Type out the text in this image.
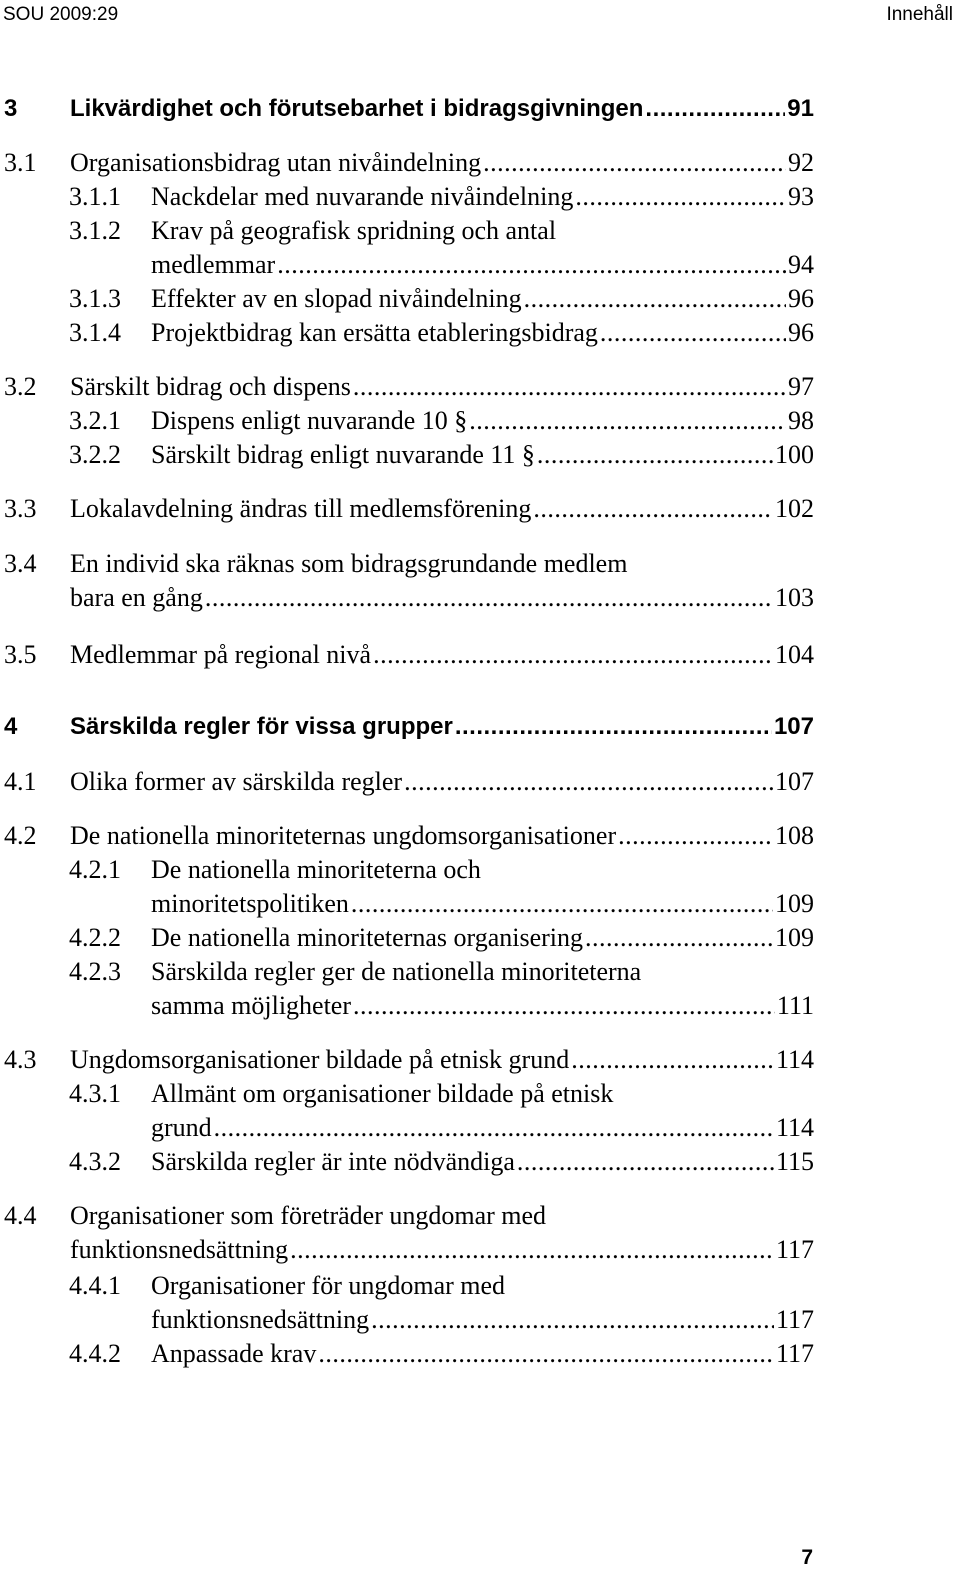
SOU 2009:29	Innehåll
3 Likvärdighet och förutsebarhet i bidragsgivningen .....	91
3.1 Organisationsbidrag utan nivåindelning .....	92
3.1.1 Nackdelar med nuvarande nivåindelning .....	93
3.1.2 Krav på geografisk spridning och antal
medlemmar .....	94
3.1.3 Effekter av en slopad nivåindelning .....	96
3.1.4 Projektbidrag kan ersätta etableringsbidrag .....	96
3.2 Särskilt bidrag och dispens .....	97
3.2.1 Dispens enligt nuvarande 10 § .....	98
3.2.2 Särskilt bidrag enligt nuvarande 11 § .....	100
3.3 Lokalavdelning ändras till medlemsförening .....	102
3.4 En individ ska räknas som bidragsgrundande medlem
bara en gång .....	103
3.5 Medlemmar på regional nivå .....	104
4 Särskilda regler för vissa grupper .....	107
4.1 Olika former av särskilda regler .....	107
4.2 De nationella minoriteternas ungdomsorganisationer .....	108
4.2.1 De nationella minoriteterna och
minoritetspolitiken .....	109
4.2.2 De nationella minoriteternas organisering .....	109
4.2.3 Särskilda regler ger de nationella minoriteterna
samma möjligheter .....	111
4.3 Ungdomsorganisationer bildade på etnisk grund .....	114
4.3.1 Allmänt om organisationer bildade på etnisk
grund .....	114
4.3.2 Särskilda regler är inte nödvändiga .....	115
4.4 Organisationer som företräder ungdomar med
funktionsnedsättning .....	117
4.4.1 Organisationer för ungdomar med
funktionsnedsättning .....	117
4.4.2 Anpassade krav .....	117
7
